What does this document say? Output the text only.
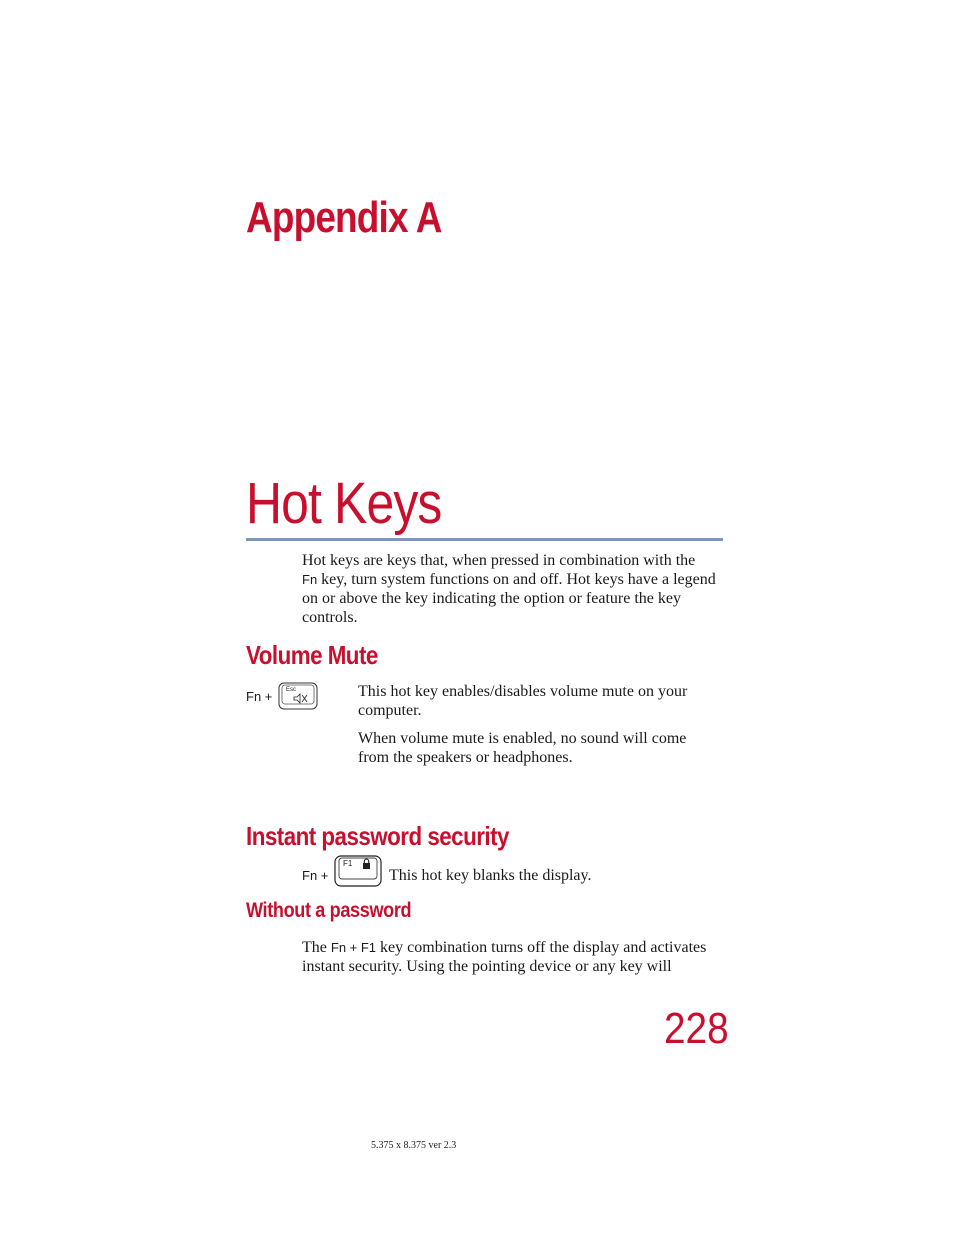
Appendix A
Hot Keys
Hot keys are keys that, when pressed in combination with the
Fn key, turn system functions on and off. Hot keys have a legend on or above the key indicating the option or feature the key controls.
Volume Mute
Fn + Esc	This hot key enables/disables volume mute on your computer.
When volume mute is enabled, no sound will come from the speakers or headphones.
Instant password security
Fn +
F1
This hot key blanks the display.
Without a password
The Fn + F1 key combination turns off the display and activates instant security. Using the pointing device or any key will
228
5.375 x 8.375 ver 2.3
